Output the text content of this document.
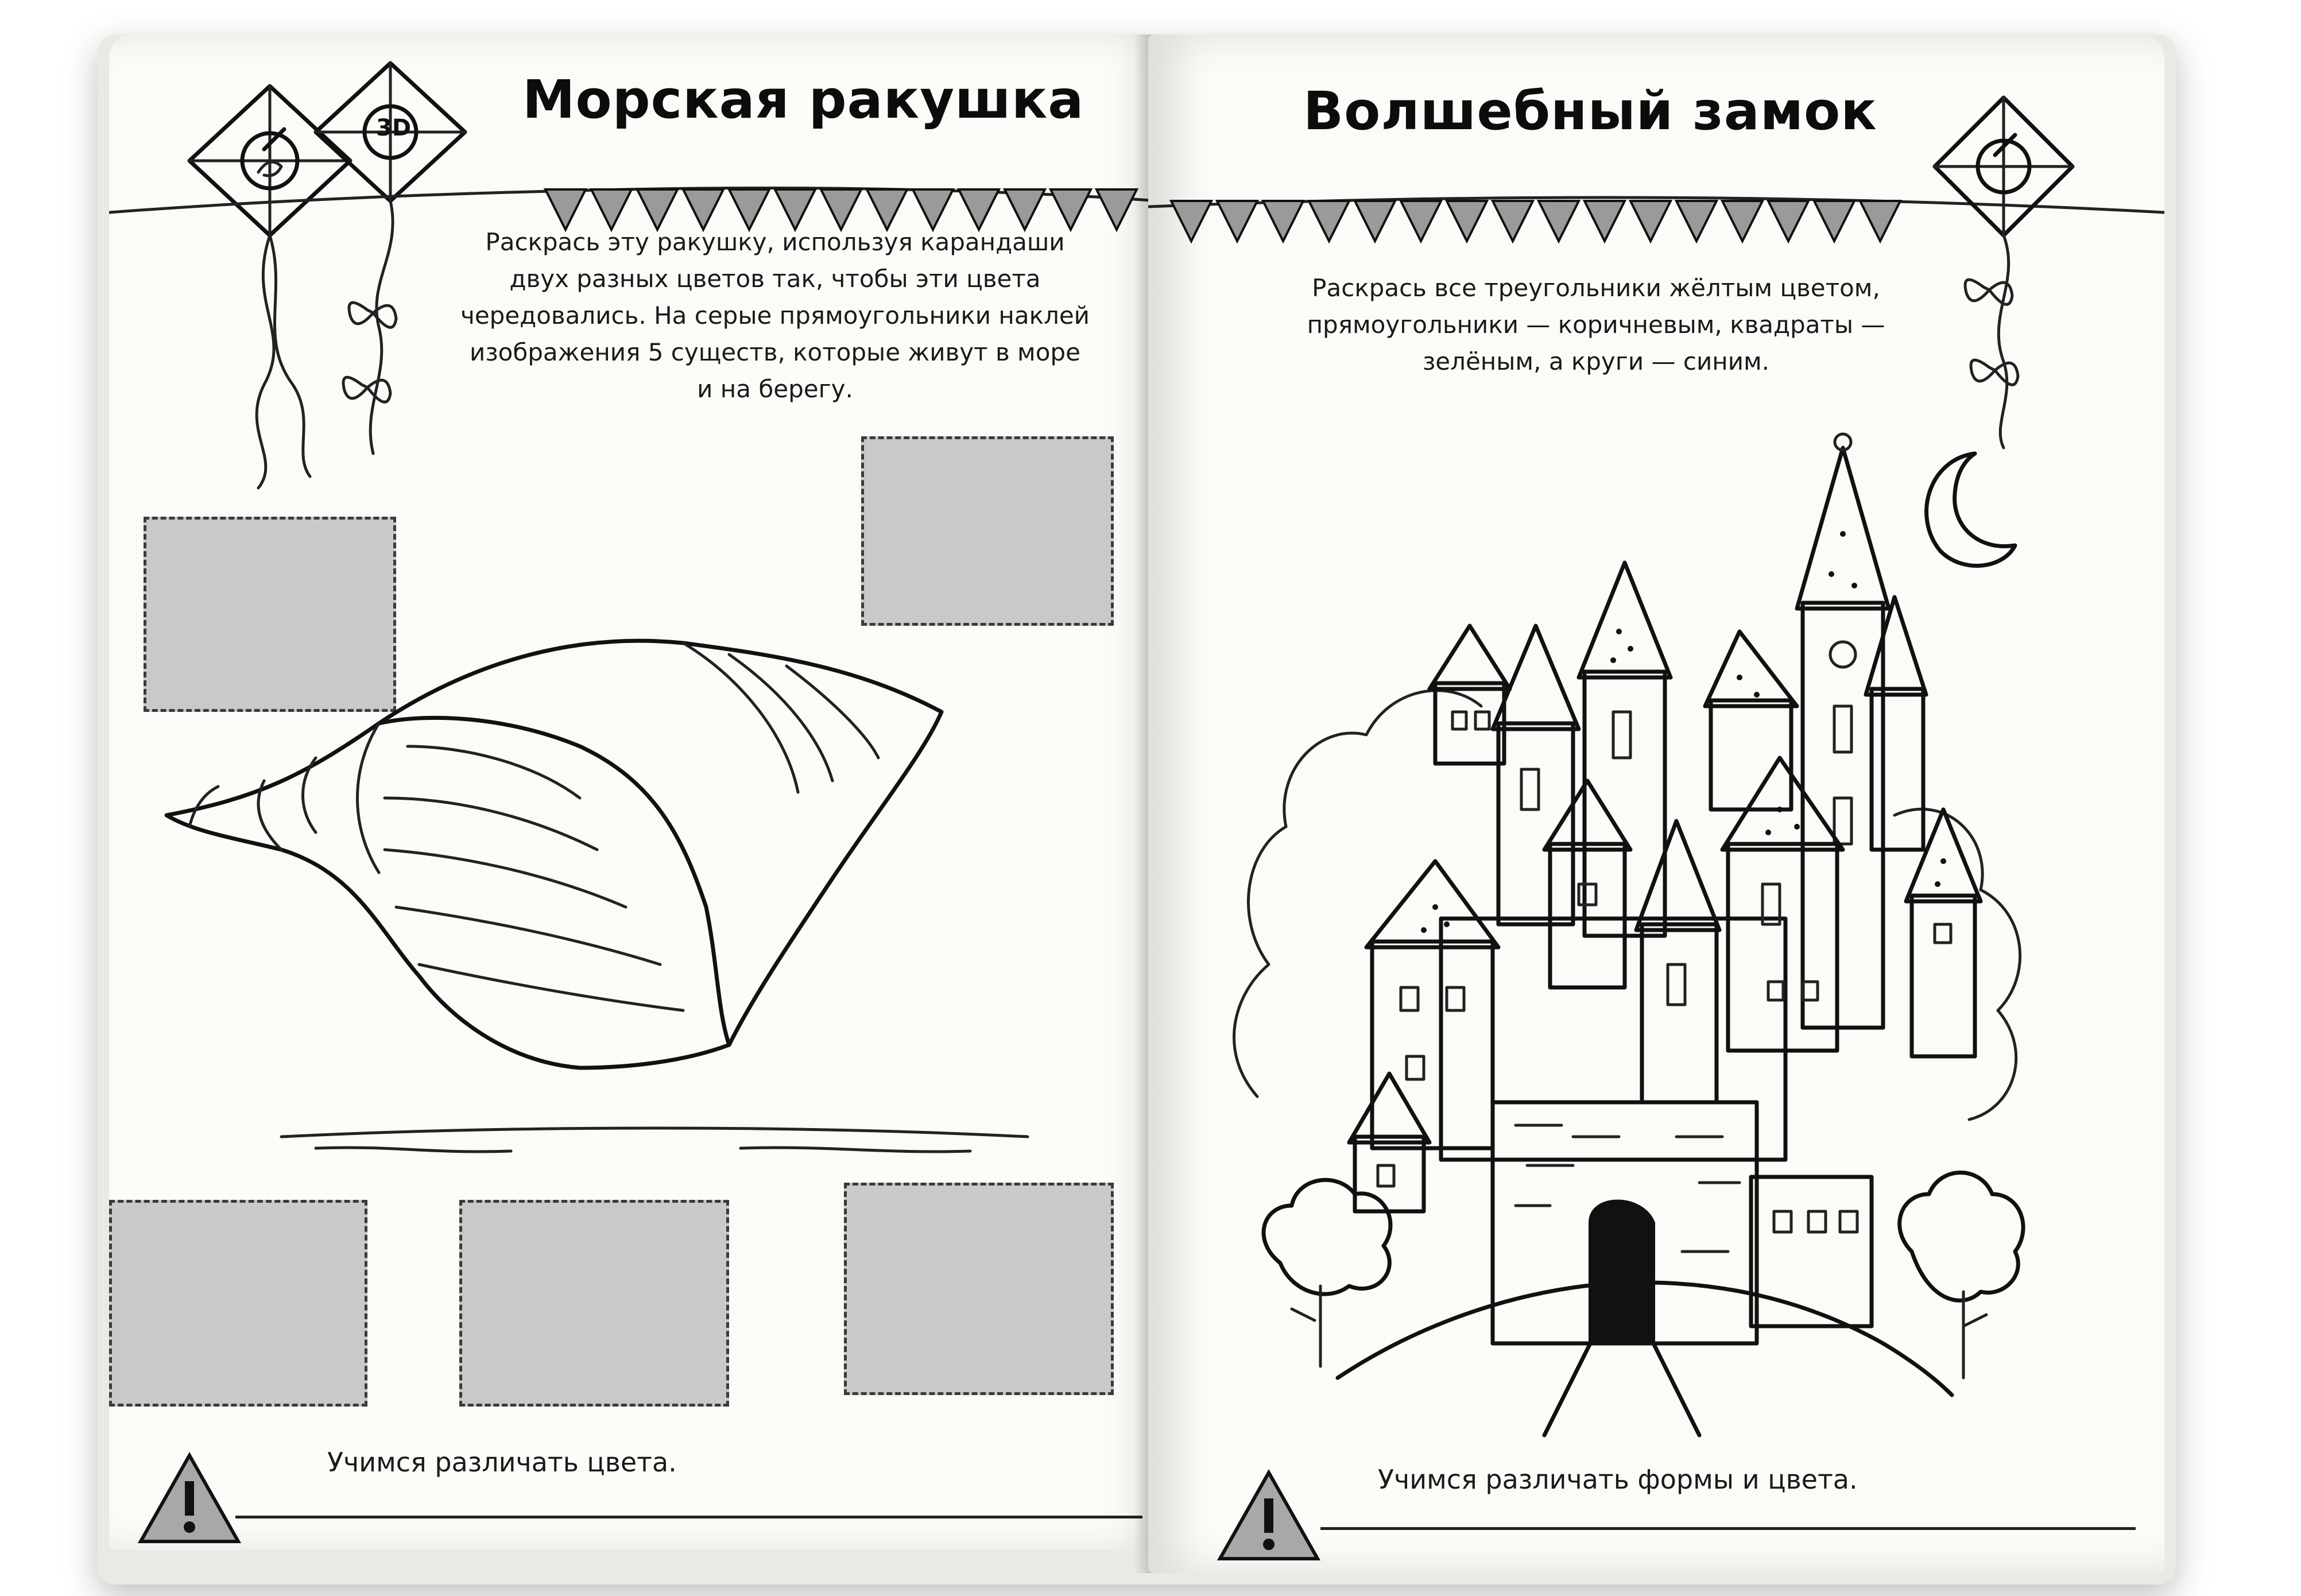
3D Морская ракушка
Раскрась эту ракушку, используя карандаши двух разных цветов так, чтобы эти цвета чередовались. На серые прямоугольники наклей изображения 5 существ, которые живут в море и на берегу.
Учимся различать цвета.
Волшебный замок
Раскрась все треугольники жёлтым цветом, прямоугольники — коричневым, квадраты — зелёным, а круги — синим.
Учимся различать формы и цвета.
